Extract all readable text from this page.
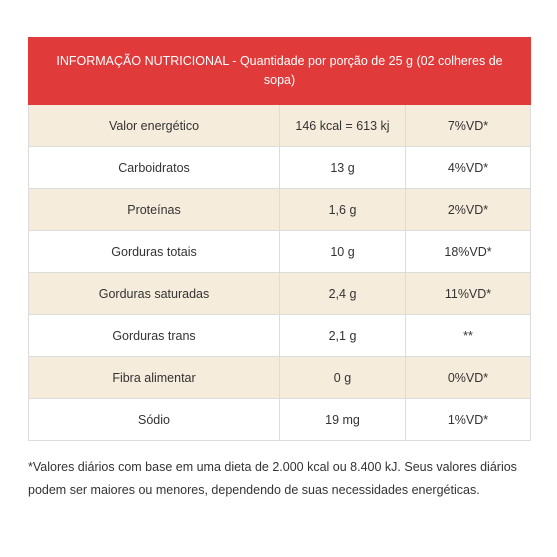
INFORMAÇÃO NUTRICIONAL - Quantidade por porção de 25 g (02 colheres de sopa)		
Valor energético	146 kcal = 613 kj	7%VD*
Carboidratos	13 g	4%VD*
Proteínas	1,6 g	2%VD*
Gorduras totais	10 g	18%VD*
Gorduras saturadas	2,4 g	11%VD*
Gorduras trans	2,1 g	**
Fibra alimentar	0 g	0%VD*
Sódio	19 mg	1%VD*

*Valores diários com base em uma dieta de 2.000 kcal ou 8.400 kJ. Seus valores diários podem ser maiores ou menores, dependendo de suas necessidades energéticas.
